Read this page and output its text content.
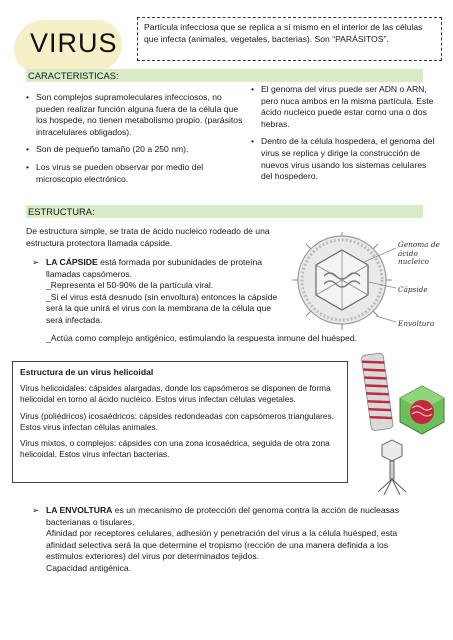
VIRUS
Partícula infecciosa que se replica a sí mismo en el interior de las células que infecta (animales, vegetales, bacterias). Son “PARÁSITOS”.
CARACTERISTICAS:
• Son complejos supramoleculares infecciosos, no pueden realizar función alguna fuera de la célula que los hospede, no tienen metabolismo propio. (parásitos intracelulares obligados).
• Son de pequeño tamaño (20 a 250 nm).
• Los virus se pueden observar por medio del microscopio electrónico.
• El genoma del virus puede ser ADN o ARN, pero nuca ambos en la misma partícula. Este ácido nucleico puede estar como una o dos hebras.
• Dentro de la célula hospedera, el genoma del virus se replica y dirige la construcción de nuevos virus usando los sistemas celulares del hospedero.
ESTRUCTURA:
De estructura simple, se trata de ácido nucleico rodeado de una estructura protectora llamada cápside.
➢ LA CÁPSIDE está formada por subunidades de proteína llamadas capsómeros.
_Representa el 50-90% de la partícula viral.
_Si el virus está desnudo (sin envoltura) entonces la cápside será la que unirá el virus con la membrana de la célula que será infectada.
_Actúa como complejo antigénico, estimulando la respuesta inmune del huésped.
Genoma de ácido nucleico
Cápside
Envoltura
Estructura de un virus helicoidal

Virus helicoidales: cápsides alargadas, donde los capsómeros se disponen de forma helicoidal en torno al ácido nucleico. Estos virus infectan células vegetales.

Virus (poliédricos) icosaédricos: cápsides redondeadas con capsómeros triangulares. Estos virus infectan células animales.

Virus mixtos, o complejos: cápsides con una zona icosaédrica, seguida de otra zona helicoidal. Estos virus infectan bacterias.

➢ LA ENVOLTURA es un mecanismo de protección del genoma contra la acción de nucleasas bacterianas o tisulares.
Afinidad por receptores celulares, adhesión y penetración del virus a la célula huésped, esta afinidad selectiva será la que determine el tropismo (rección de una manera definida a los estímulos exteriores) del virus por determinados tejidos.
Capacidad antigénica.
